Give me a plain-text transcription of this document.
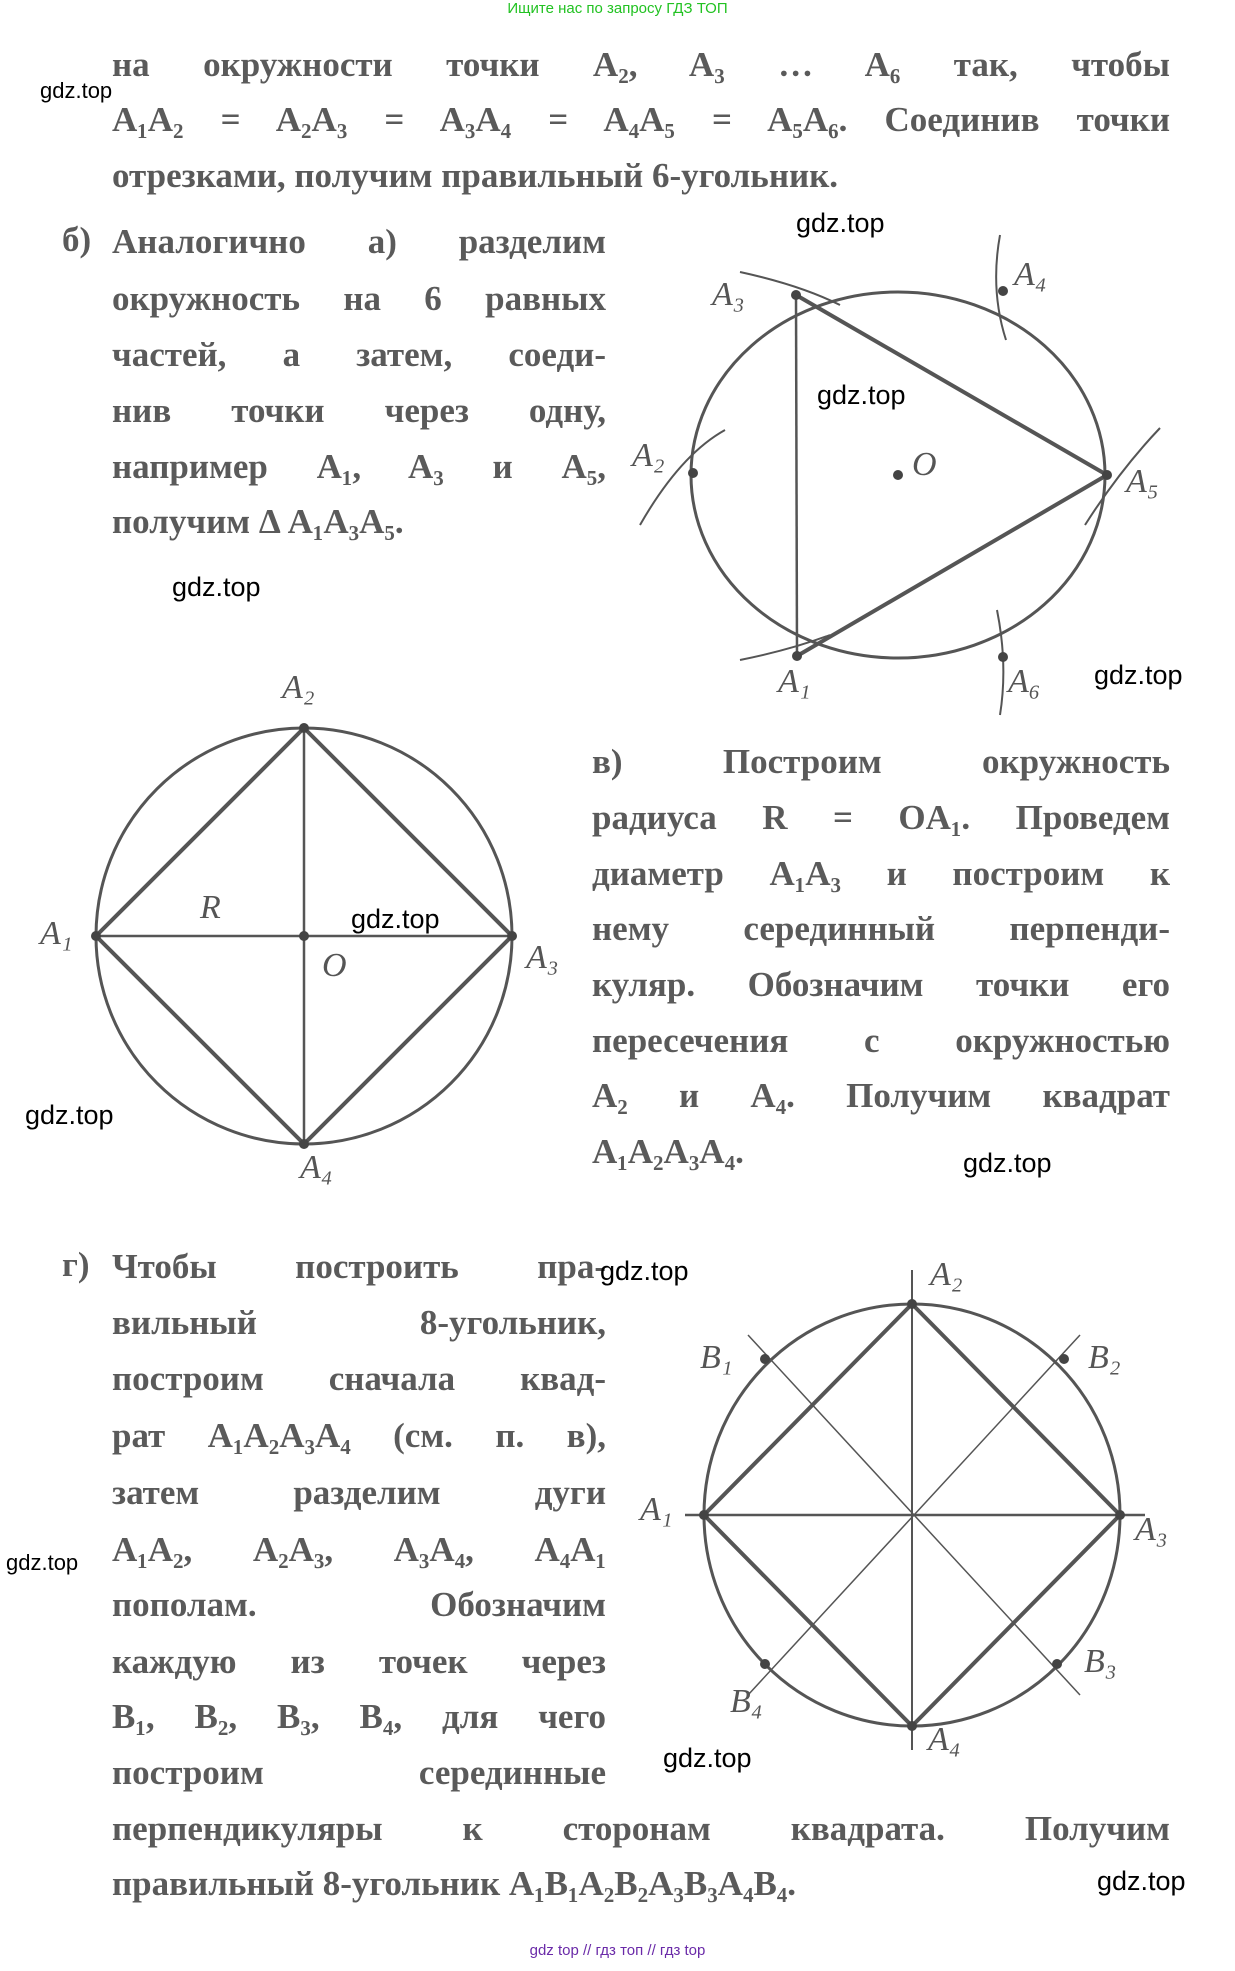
Ищите нас по запросу ГДЗ ТОП
на окружности точки A₂, A₃ … A₆ так, чтобы
A₁A₂ = A₂A₃ = A₃A₄ = A₄A₅ = A₅A₆. Соединив точки
отрезками, получим правильный 6-угольник.
б) Аналогично а) разделим
окружность на 6 равных
частей, а затем, соеди-
нив точки через одну,
например A₁, A₃ и A₅,
получим Δ A₁A₃A₅.
в) Построим окружность
радиуса R = OA₁. Проведем
диаметр A₁A₃ и построим к
нему серединный перпенди-
куляр. Обозначим точки его
пересечения с окружностью
A₂ и A₄. Получим квадрат
A₁A₂A₃A₄.
г) Чтобы построить пра-
вильный 8-угольник,
построим сначала квад-
рат A₁A₂A₃A₄ (см. п. в),
затем разделим дуги
A₁A₂, A₂A₃, A₃A₄, A₄A₁
пополам. Обозначим
каждую из точек через
B₁, B₂, B₃, B₄, для чего
построим серединные
перпендикуляры к сторонам квадрата. Получим
правильный 8-угольник A₁B₁A₂B₂A₃B₃A₄B₄.
A₃
A₄
A₂
A₅
A₁	A₆
O
A₂
A₁
A₃
A₄
R
O
A₂
B₁	B₂
A₁
A₃
B₃
B₄
A₄
gdz.top
gdz.top
gdz.top
gdz.top
gdz.top
gdz.top
gdz.top
gdz.top
gdz.top
gdz.top
gdz.top
gdz.top
gdz top // гдз топ // гдз top
